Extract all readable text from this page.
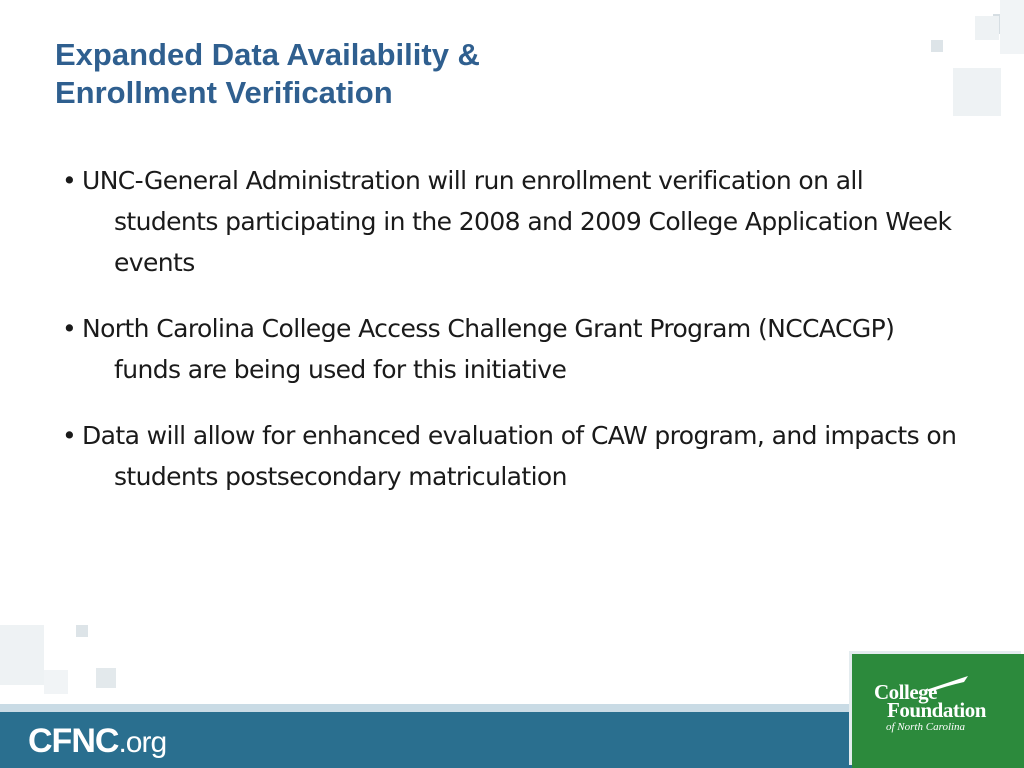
Expanded Data Availability &
Enrollment Verification
• UNC-General Administration will run enrollment verification on all students participating in the 2008 and 2009 College Application Week events
• North Carolina College Access Challenge Grant Program (NCCACGP) funds are being used for this initiative
• Data will allow for enhanced evaluation of CAW program, and impacts on students postsecondary matriculation
CFNC.org
College
Foundation
of North Carolina
